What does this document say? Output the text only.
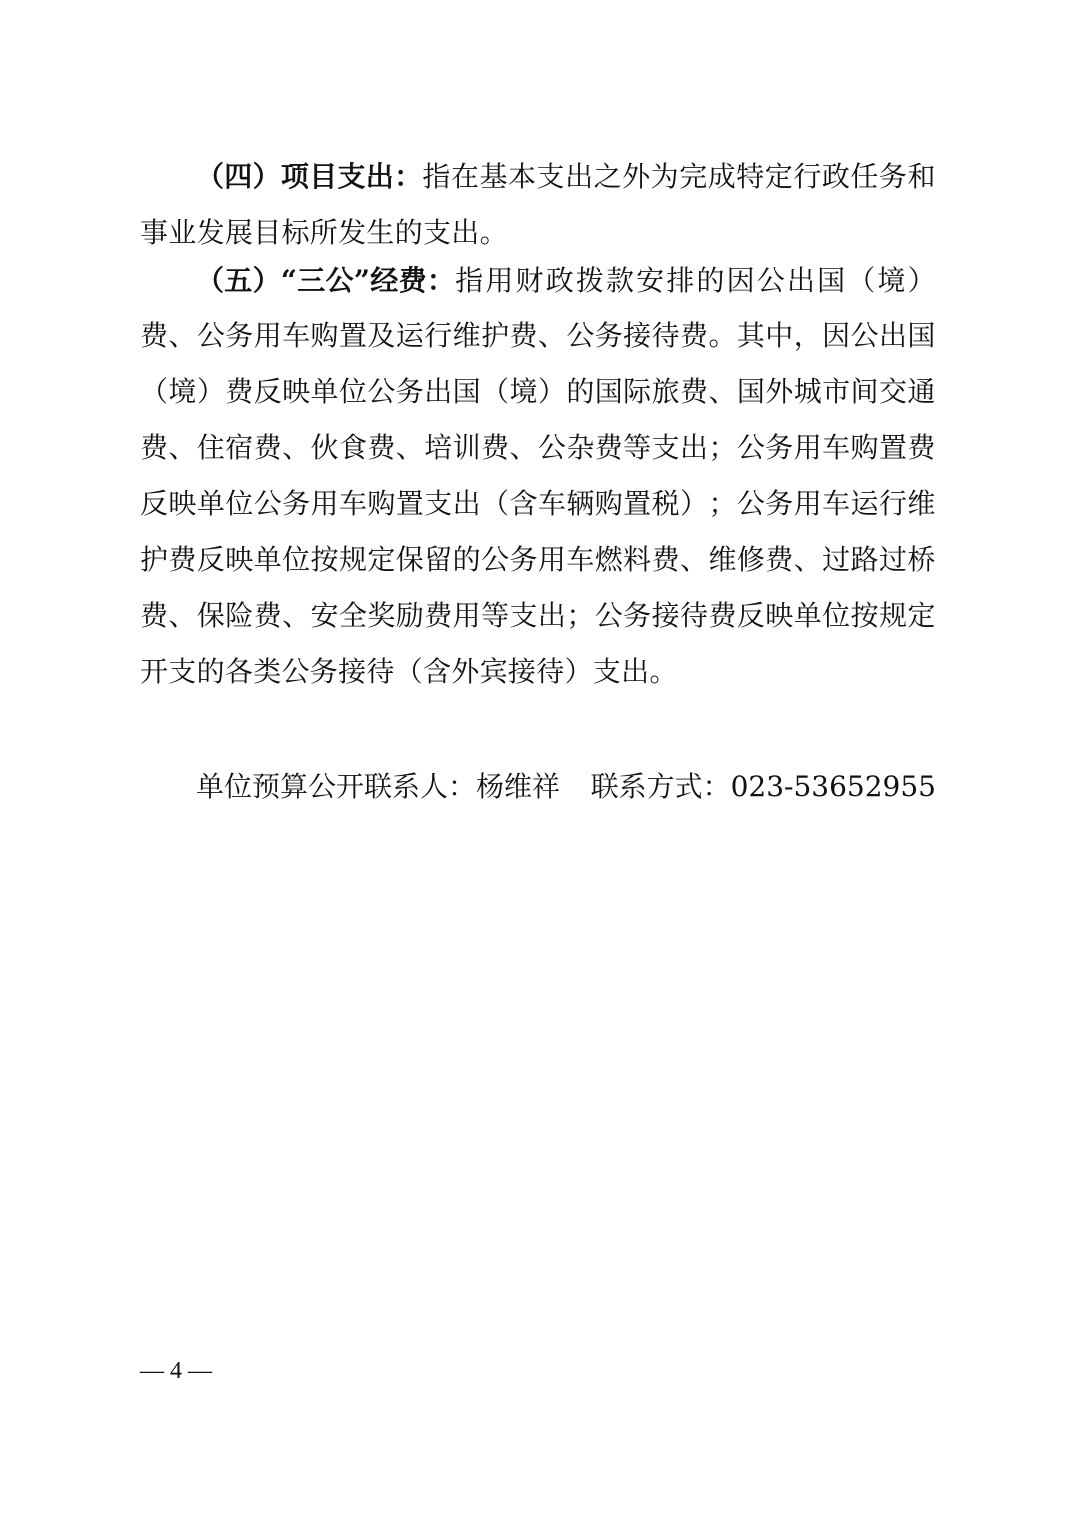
（四）项目支出： 指 在 基 本 支 出 之 外 为 完 成 特 定 行 政 任 务 和
事业发展目标所发生的支出。
（五）“三公”经费： 指 用 财 政 拨 款 安 排 的 因 公 出 国 （ 境 ）
费 、 公 务 用 车 购 置 及 运 行 维 护 费 、 公 务 接 待 费 。 其 中 ， 因 公 出 国
（ 境 ） 费 反 映 单 位 公 务 出 国 （ 境 ） 的 国 际 旅 费 、 国 外 城 市 间 交 通
费 、 住 宿 费 、 伙 食 费 、 培 训 费 、 公 杂 费 等 支 出 ； 公 务 用 车 购 置 费
反 映 单 位 公 务 用 车 购 置 支 出 （ 含 车 辆 购 置 税 ） ； 公 务 用 车 运 行 维
护 费 反 映 单 位 按 规 定 保 留 的 公 务 用 车 燃 料 费 、 维 修 费 、 过 路 过 桥
费 、 保 险 费 、 安 全 奖 励 费 用 等 支 出 ； 公 务 接 待 费 反 映 单 位 按 规 定
开支的各类公务接待（含外宾接待）支出。
单位预算公开联系人：杨维祥 联系方式：023-53652955
— 4 —
